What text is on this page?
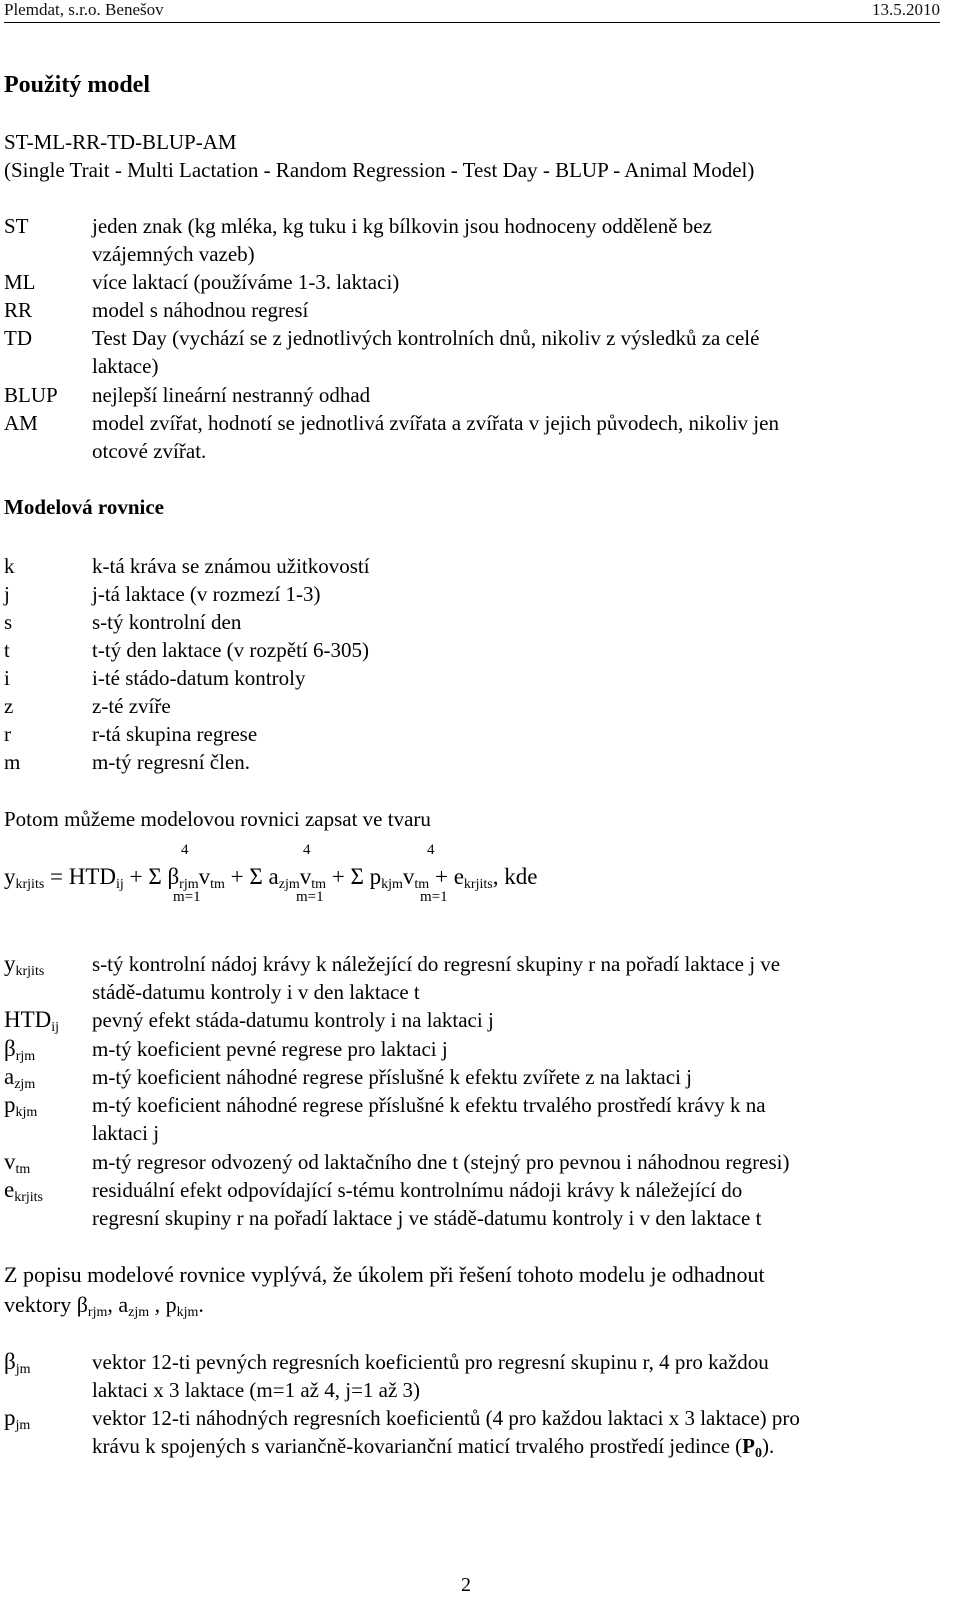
Plemdat, s.r.o. Benešov	13.5.2010
Použitý model
ST-ML-RR-TD-BLUP-AM
(Single Trait - Multi Lactation - Random Regression - Test Day - BLUP - Animal Model)
ST	jeden znak (kg mléka, kg tuku i kg bílkovin jsou hodnoceny odděleně bez
vzájemných vazeb)
ML	více laktací (používáme 1-3. laktaci)
RR	model s náhodnou regresí
TD	Test Day (vychází se z jednotlivých kontrolních dnů, nikoliv z výsledků za celé
laktace)
BLUP nejlepší lineární nestranný odhad
AM	model zvířat, hodnotí se jednotlivá zvířata a zvířata v jejich původech, nikoliv jen
otcové zvířat.
Modelová rovnice
k	k-tá kráva se známou užitkovostí
j	j-tá laktace (v rozmezí 1-3)
s	s-tý kontrolní den
t	t-tý den laktace (v rozpětí 6-305)
i	i-té stádo-datum kontroly
z	z-té zvíře
r	r-tá skupina regrese
m	m-tý regresní člen.
Potom můžeme modelovou rovnici zapsat ve tvaru
4	4	4
$y_{krjits} = HTD_{ij} + \Sigma$ $\beta_{rjm}v_{tm} + \Sigma$ $a_{zjm}v_{tm} + \Sigma$ $p_{kjm}v_{tm} + e_{krjits}$, kde
m=1	m=1	m=1
$y_{krjits}$ s-tý kontrolní nádoj krávy k náležející do regresní skupiny r na pořadí laktace j ve
stádě-datumu kontroly i v den laktace t
$HTD_{ij}$ pevný efekt stáda-datumu kontroly i na laktaci j
$\beta_{rjm}$	m-tý koeficient pevné regrese pro laktaci j
$a_{zjm}$	m-tý koeficient náhodné regrese příslušné k efektu zvířete z na laktaci j
$p_{kjm}$	m-tý koeficient náhodné regrese příslušné k efektu trvalého prostředí krávy k na
laktaci j
$v_{tm}$	m-tý regresor odvozený od laktačního dne t (stejný pro pevnou i náhodnou regresi)
$e_{krjits}$ residuální efekt odpovídající s-tému kontrolnímu nádoji krávy k náležející do
regresní skupiny r na pořadí laktace j ve stádě-datumu kontroly i v den laktace t
Z popisu modelové rovnice vyplývá, že úkolem při řešení tohoto modelu je odhadnout
vektory $\beta_{rjm}$, $a_{zjm}$ , $p_{kjm}$.
$\beta_{jm}$	vektor 12-ti pevných regresních koeficientů pro regresní skupinu r, 4 pro každou
laktaci x 3 laktace (m=1 až 4, j=1 až 3)
$p_{jm}$	vektor 12-ti náhodných regresních koeficientů (4 pro každou laktaci x 3 laktace) pro
krávu k spojených s variančně-kovarianční maticí trvalého prostředí jedince $(P_0)$.
2
